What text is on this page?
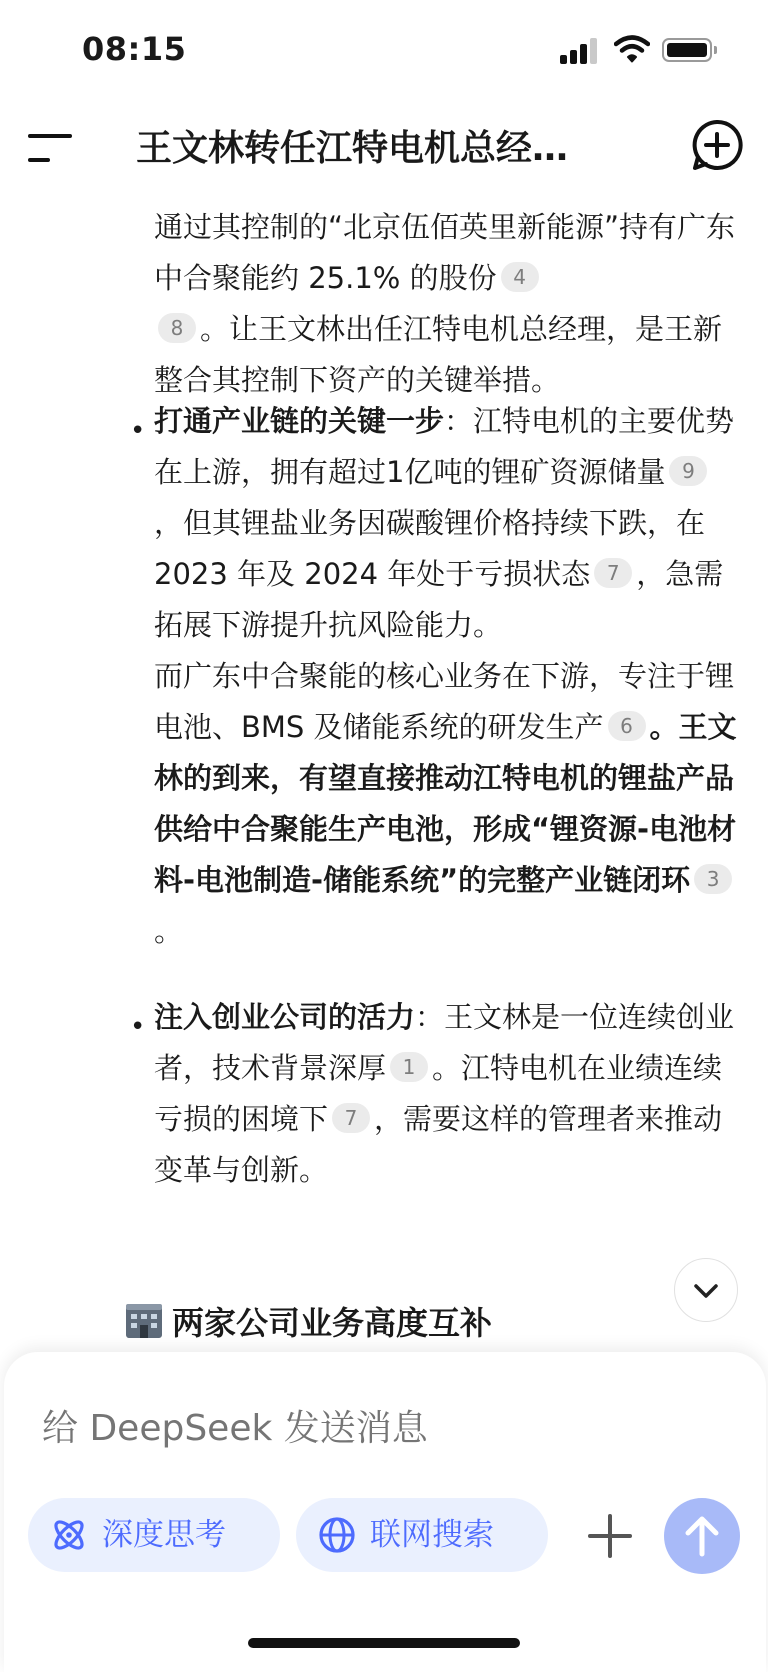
08:15
王文林转任江特电机总经…
通过其控制的“北京伍佰英里新能源”持有广东中合聚能约 25.1% 的股份 4
8 。让王文林出任江特电机总经理，是王新整合其控制下资产的关键举措。
• 打通产业链的关键一步：江特电机的主要优势在上游，拥有超过1亿吨的锂矿资源储量 9，但其锂盐业务因碳酸锂价格持续下跌，在 2023 年及 2024 年处于亏损状态 7 ，急需拓展下游提升抗风险能力。
而广东中合聚能的核心业务在下游，专注于锂电池、BMS 及储能系统的研发生产 6 。王文林的到来，有望直接推动江特电机的锂盐产品供给中合聚能生产电池，形成“锂资源-电池材料-电池制造-储能系统”的完整产业链闭环 3。
• 注入创业公司的活力：王文林是一位连续创业者，技术背景深厚 1 。江特电机在业绩连续亏损的困境下 7 ，需要这样的管理者来推动变革与创新。
两家公司业务高度互补
给 DeepSeek 发送消息
深度思考	联网搜索
